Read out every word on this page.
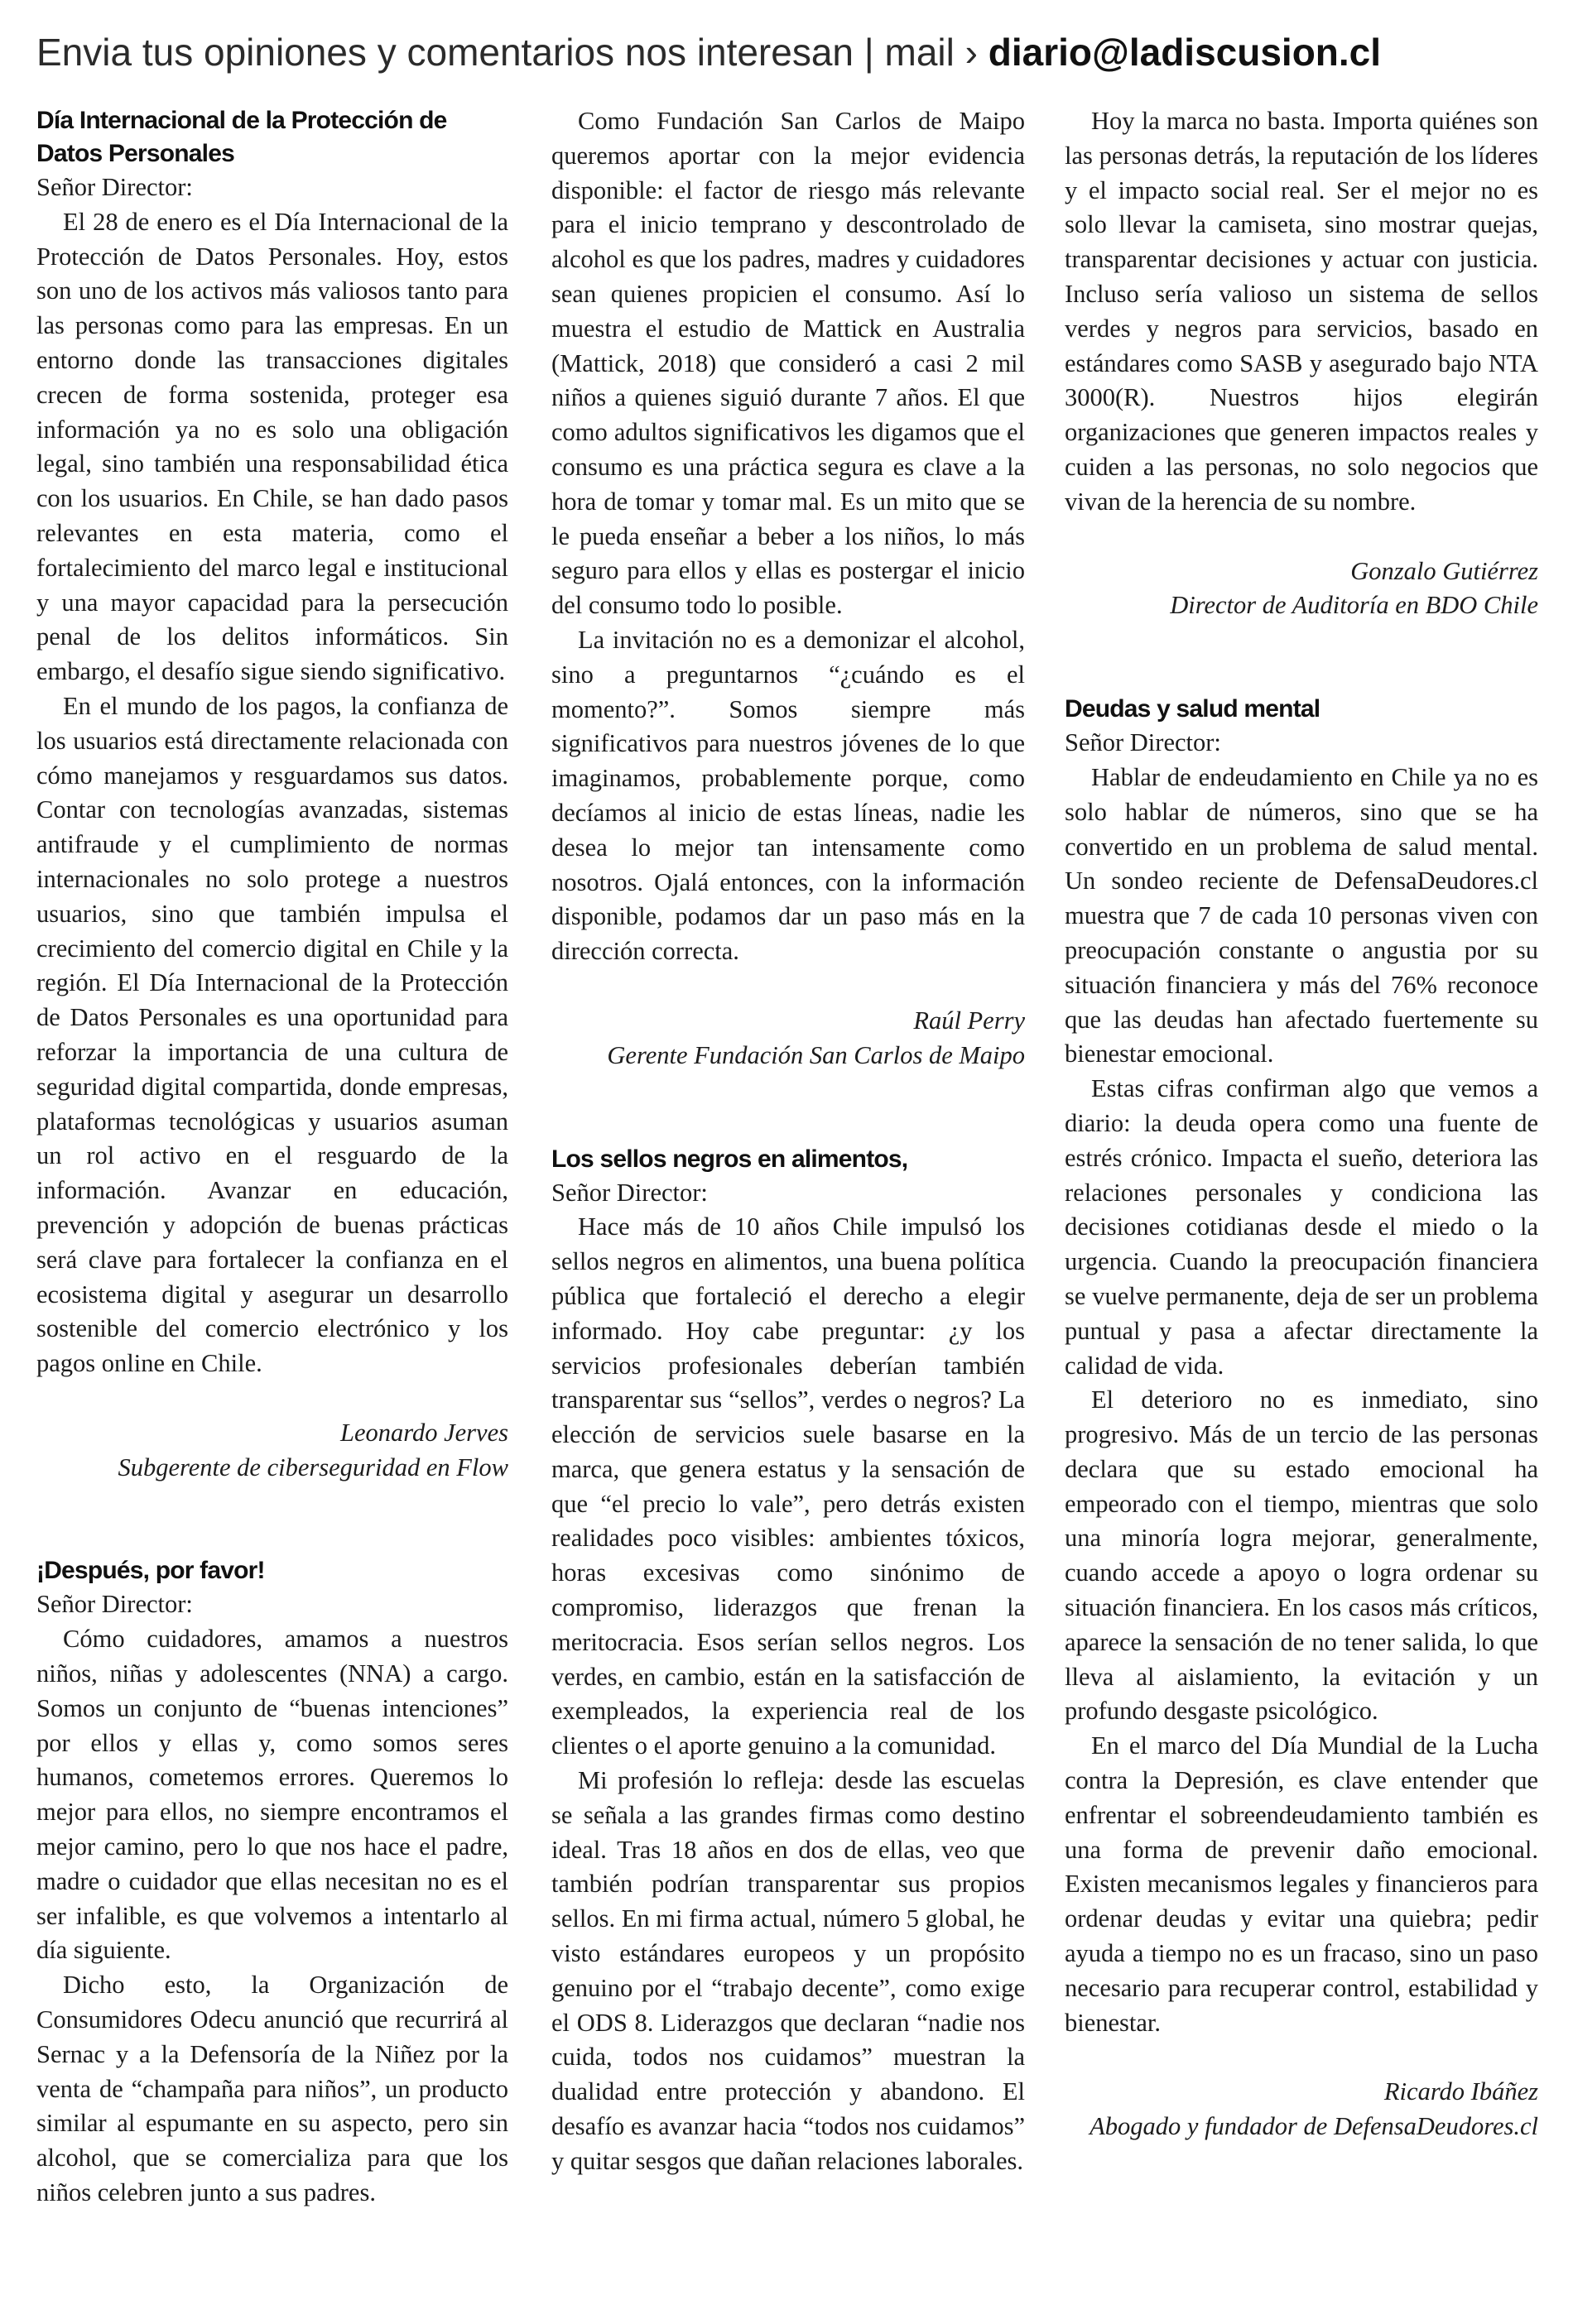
Envia tus opiniones y comentarios nos interesan | mail › diario@ladiscusion.cl
Día Internacional de la Protección de Datos Personales

Señor Director:

El 28 de enero es el Día Internacional de la Protección de Datos Personales. Hoy, estos son uno de los activos más valiosos tanto para las personas como para las empresas. En un entorno donde las transacciones digitales crecen de forma sostenida, proteger esa información ya no es solo una obligación legal, sino también una responsabilidad ética con los usuarios. En Chile, se han dado pasos relevantes en esta materia, como el fortalecimiento del marco legal e institucional y una mayor capacidad para la persecución penal de los delitos informáticos. Sin embargo, el desafío sigue siendo significativo.

En el mundo de los pagos, la confianza de los usuarios está directamente relacionada con cómo manejamos y resguardamos sus datos. Contar con tecnologías avanzadas, sistemas antifraude y el cumplimiento de normas internacionales no solo protege a nuestros usuarios, sino que también impulsa el crecimiento del comercio digital en Chile y la región. El Día Internacional de la Protección de Datos Personales es una oportunidad para reforzar la importancia de una cultura de seguridad digital compartida, donde empresas, plataformas tecnológicas y usuarios asuman un rol activo en el resguardo de la información. Avanzar en educación, prevención y adopción de buenas prácticas será clave para fortalecer la confianza en el ecosistema digital y asegurar un desarrollo sostenible del comercio electrónico y los pagos online en Chile.

Leonardo Jerves

Subgerente de ciberseguridad en Flow

¡Después, por favor!

Señor Director:

Cómo cuidadores, amamos a nuestros niños, niñas y adolescentes (NNA) a cargo. Somos un conjunto de “buenas intenciones” por ellos y ellas y, como somos seres humanos, cometemos errores. Queremos lo mejor para ellos, no siempre encontramos el mejor camino, pero lo que nos hace el padre, madre o cuidador que ellas necesitan no es el ser infalible, es que volvemos a intentarlo al día siguiente.

Dicho esto, la Organización de Consumidores Odecu anunció que recurrirá al Sernac y a la Defensoría de la Niñez por la venta de “champaña para niños”, un producto similar al espumante en su aspecto, pero sin alcohol, que se comercializa para que los niños celebren junto a sus padres.

Como Fundación San Carlos de Maipo queremos aportar con la mejor evidencia disponible: el factor de riesgo más relevante para el inicio temprano y descontrolado de alcohol es que los padres, madres y cuidadores sean quienes propicien el consumo. Así lo muestra el estudio de Mattick en Australia (Mattick, 2018) que consideró a casi 2 mil niños a quienes siguió durante 7 años. El que como adultos significativos les digamos que el consumo es una práctica segura es clave a la hora de tomar y tomar mal. Es un mito que se le pueda enseñar a beber a los niños, lo más seguro para ellos y ellas es postergar el inicio del consumo todo lo posible.

La invitación no es a demonizar el alcohol, sino a preguntarnos “¿cuándo es el momento?”. Somos siempre más significativos para nuestros jóvenes de lo que imaginamos, probablemente porque, como decíamos al inicio de estas líneas, nadie les desea lo mejor tan intensamente como nosotros. Ojalá entonces, con la información disponible, podamos dar un paso más en la dirección correcta.

Raúl Perry

Gerente Fundación San Carlos de Maipo

Los sellos negros en alimentos,

Señor Director:

Hace más de 10 años Chile impulsó los sellos negros en alimentos, una buena política pública que fortaleció el derecho a elegir informado. Hoy cabe preguntar: ¿y los servicios profesionales deberían también transparentar sus “sellos”, verdes o negros? La elección de servicios suele basarse en la marca, que genera estatus y la sensación de que “el precio lo vale”, pero detrás existen realidades poco visibles: ambientes tóxicos, horas excesivas como sinónimo de compromiso, liderazgos que frenan la meritocracia. Esos serían sellos negros. Los verdes, en cambio, están en la satisfacción de exempleados, la experiencia real de los clientes o el aporte genuino a la comunidad.

Mi profesión lo refleja: desde las escuelas se señala a las grandes firmas como destino ideal. Tras 18 años en dos de ellas, veo que también podrían transparentar sus propios sellos. En mi firma actual, número 5 global, he visto estándares europeos y un propósito genuino por el “trabajo decente”, como exige el ODS 8. Liderazgos que declaran “nadie nos cuida, todos nos cuidamos” muestran la dualidad entre protección y abandono. El desafío es avanzar hacia “todos nos cuidamos” y quitar sesgos que dañan relaciones laborales.

Hoy la marca no basta. Importa quiénes son las personas detrás, la reputación de los líderes y el impacto social real. Ser el mejor no es solo llevar la camiseta, sino mostrar quejas, transparentar decisiones y actuar con justicia. Incluso sería valioso un sistema de sellos verdes y negros para servicios, basado en estándares como SASB y asegurado bajo NTA 3000(R). Nuestros hijos elegirán organizaciones que generen impactos reales y cuiden a las personas, no solo negocios que vivan de la herencia de su nombre.

Gonzalo Gutiérrez

Director de Auditoría en BDO Chile

Deudas y salud mental

Señor Director:

Hablar de endeudamiento en Chile ya no es solo hablar de números, sino que se ha convertido en un problema de salud mental. Un sondeo reciente de DefensaDeudores.cl muestra que 7 de cada 10 personas viven con preocupación constante o angustia por su situación financiera y más del 76% reconoce que las deudas han afectado fuertemente su bienestar emocional.

Estas cifras confirman algo que vemos a diario: la deuda opera como una fuente de estrés crónico. Impacta el sueño, deteriora las relaciones personales y condiciona las decisiones cotidianas desde el miedo o la urgencia. Cuando la preocupación financiera se vuelve permanente, deja de ser un problema puntual y pasa a afectar directamente la calidad de vida.

El deterioro no es inmediato, sino progresivo. Más de un tercio de las personas declara que su estado emocional ha empeorado con el tiempo, mientras que solo una minoría logra mejorar, generalmente, cuando accede a apoyo o logra ordenar su situación financiera. En los casos más críticos, aparece la sensación de no tener salida, lo que lleva al aislamiento, la evitación y un profundo desgaste psicológico.

En el marco del Día Mundial de la Lucha contra la Depresión, es clave entender que enfrentar el sobreendeudamiento también es una forma de prevenir daño emocional. Existen mecanismos legales y financieros para ordenar deudas y evitar una quiebra; pedir ayuda a tiempo no es un fracaso, sino un paso necesario para recuperar control, estabilidad y bienestar.

Ricardo Ibáñez

Abogado y fundador de DefensaDeudores.cl
